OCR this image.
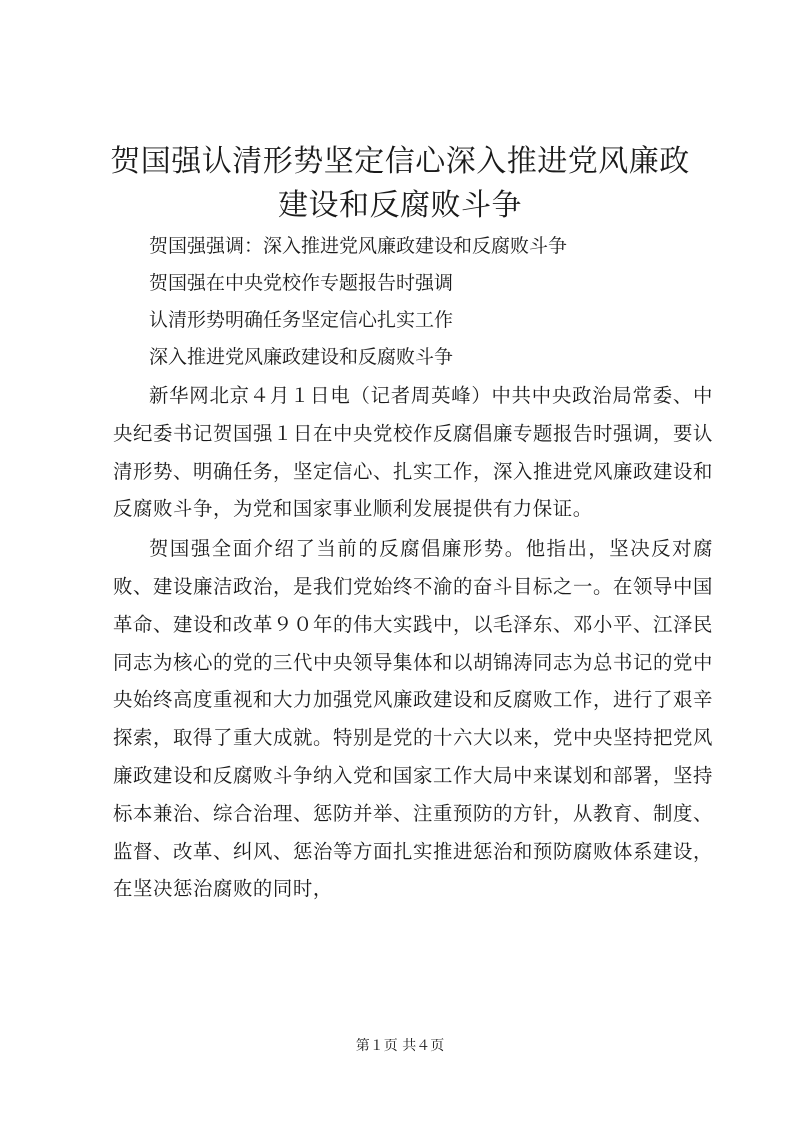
贺国强认清形势坚定信心深入推进党风廉政建设和反腐败斗争

贺国强强调：深入推进党风廉政建设和反腐败斗争

贺国强在中央党校作专题报告时强调

认清形势明确任务坚定信心扎实工作

深入推进党风廉政建设和反腐败斗争

新华网北京４月１日电（记者周英峰）中共中央政治局常委、中央纪委书记贺国强１日在中央党校作反腐倡廉专题报告时强调，要认清形势、明确任务，坚定信心、扎实工作，深入推进党风廉政建设和反腐败斗争，为党和国家事业顺利发展提供有力保证。

贺国强全面介绍了当前的反腐倡廉形势。他指出，坚决反对腐败、建设廉洁政治，是我们党始终不渝的奋斗目标之一。在领导中国革命、建设和改革９０年的伟大实践中，以毛泽东、邓小平、江泽民同志为核心的党的三代中央领导集体和以胡锦涛同志为总书记的党中央始终高度重视和大力加强党风廉政建设和反腐败工作，进行了艰辛探索，取得了重大成就。特别是党的十六大以来，党中央坚持把党风廉政建设和反腐败斗争纳入党和国家工作大局中来谋划和部署，坚持标本兼治、综合治理、惩防并举、注重预防的方针，从教育、制度、监督、改革、纠风、惩治等方面扎实推进惩治和预防腐败体系建设，在坚决惩治腐败的同时，

第１页 共４页
